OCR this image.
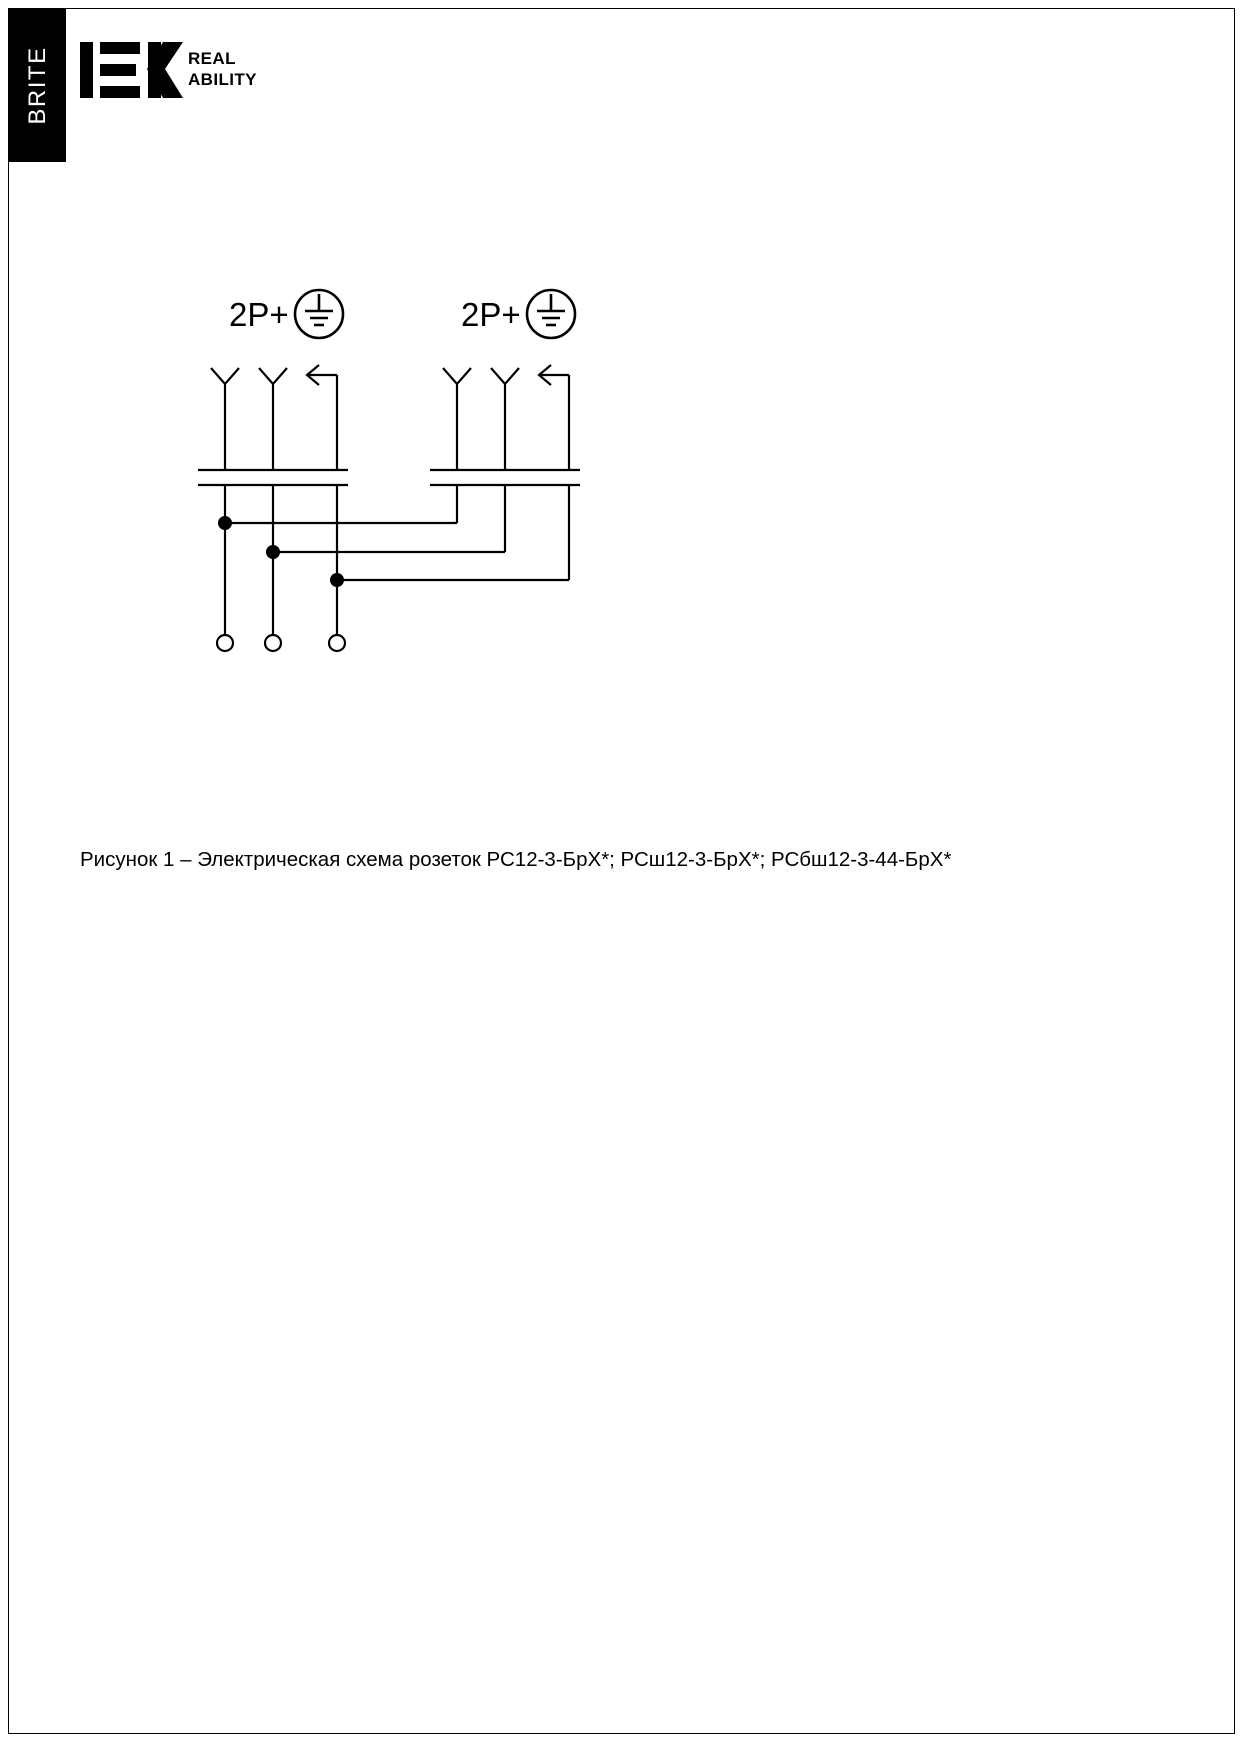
BRITE	REAL
ABILITY
2P+	2P+
Рисунок 1 – Электрическая схема розеток РС12-3-БрХ*; РСш12-3-БрХ*; РСбш12-3-44-БрХ*
